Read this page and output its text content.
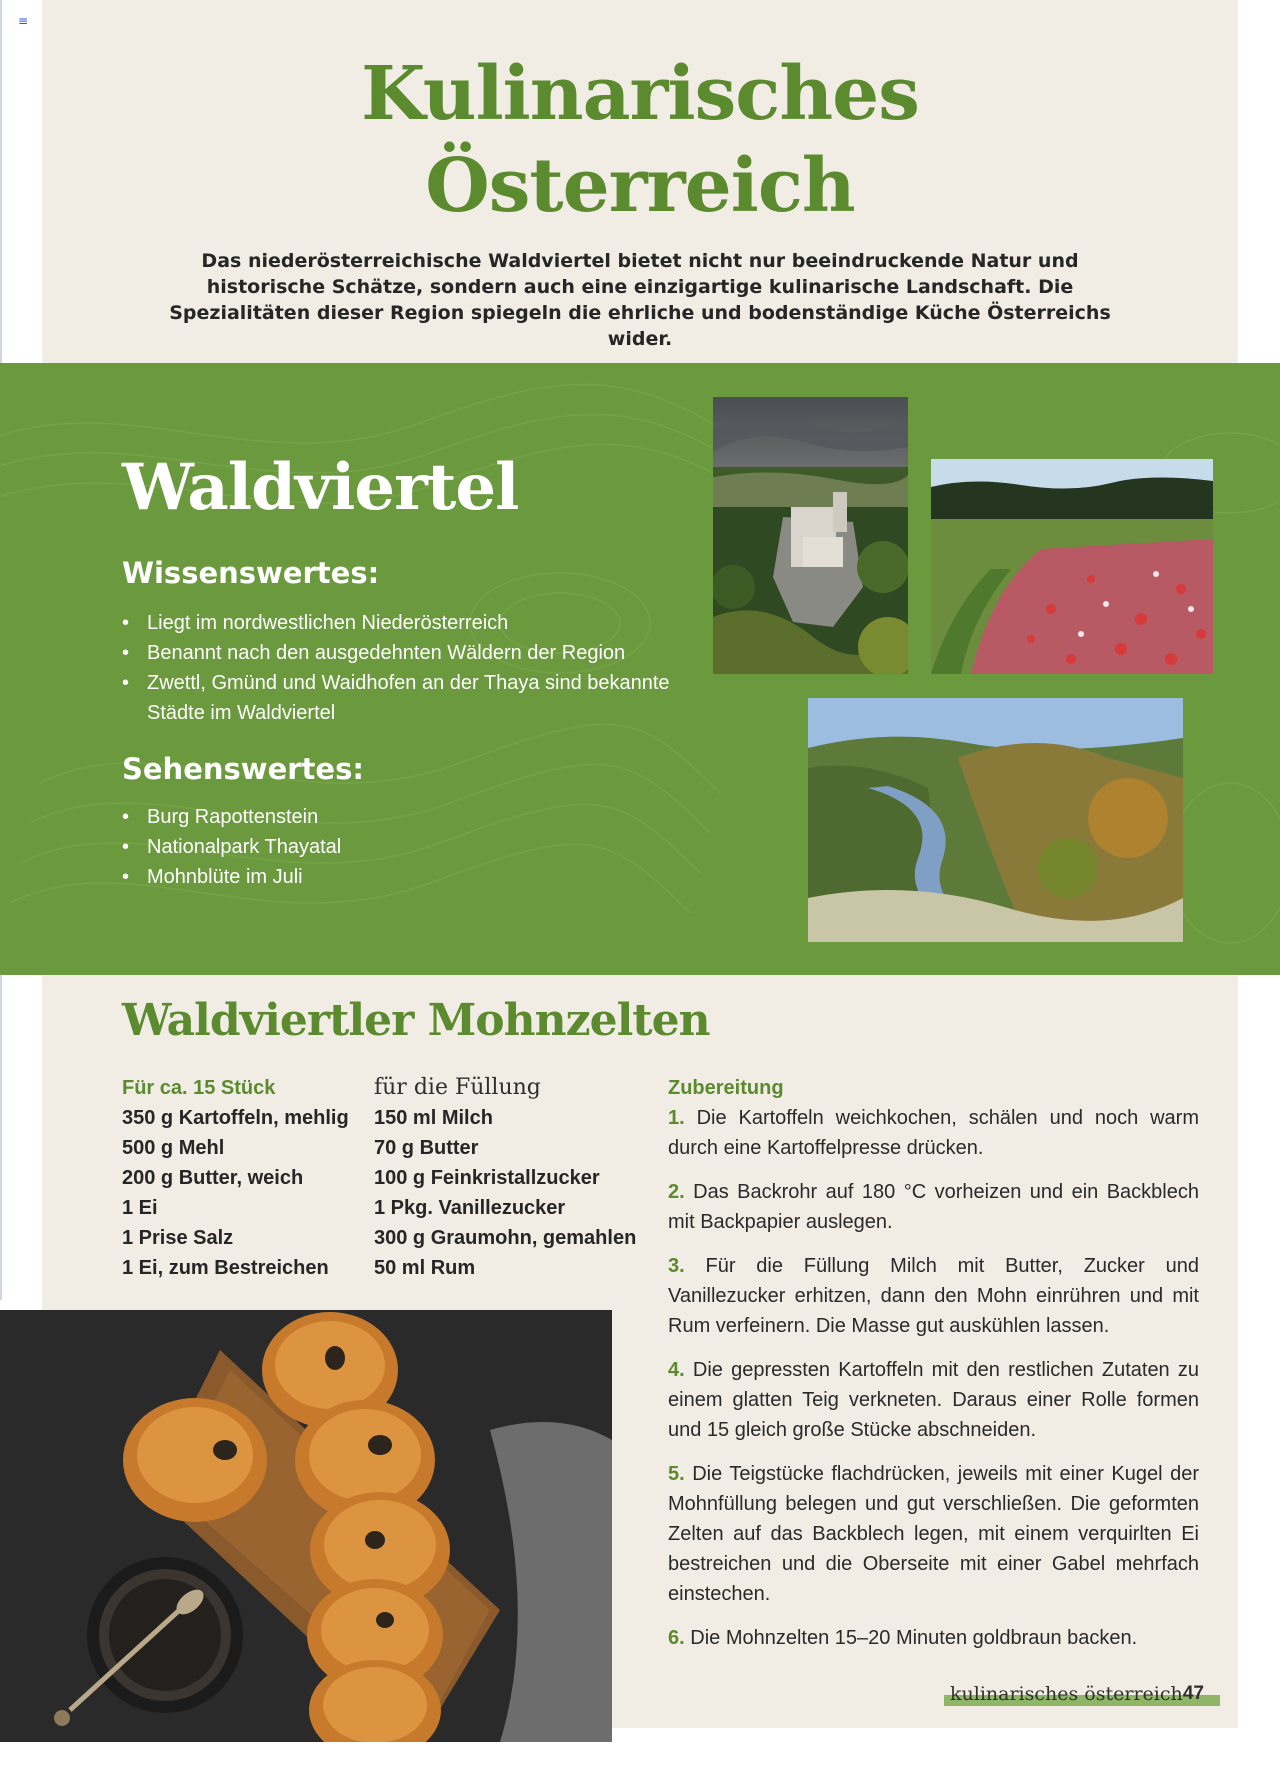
≡
Kulinarisches
Österreich

Das niederösterreichische Waldviertel bietet nicht nur beeindruckende Natur und historische Schätze, sondern auch eine einzigartige kulinarische Landschaft. Die Spezialitäten dieser Region spiegeln die ehrliche und bodenständige Küche Österreichs wider.

Waldviertel
Wissenswertes:
• Liegt im nordwestlichen Niederösterreich
• Benannt nach den ausgedehnten Wäldern der Region
• Zwettl, Gmünd und Waidhofen an der Thaya sind bekannte Städte im Waldviertel
Sehenswertes:
• Burg Rapottenstein
• Nationalpark Thayatal
• Mohnblüte im Juli
Waldviertler Mohnzelten
Für ca. 15 Stück
350 g Kartoffeln, mehlig
500 g Mehl
200 g Butter, weich
1 Ei
1 Prise Salz
1 Ei, zum Bestreichen
für die Füllung
150 ml Milch
70 g Butter
100 g Feinkristallzucker
1 Pkg. Vanillezucker
300 g Graumohn, gemahlen
50 ml Rum
Zubereitung
1. Die Kartoffeln weichkochen, schälen und noch warm durch eine Kartoffelpresse drücken.
2. Das Backrohr auf 180 °C vorheizen und ein Backblech mit Backpapier auslegen.
3. Für die Füllung Milch mit Butter, Zucker und Vanillezucker erhitzen, dann den Mohn einrühren und mit Rum verfeinern. Die Masse gut auskühlen lassen.
4. Die gepressten Kartoffeln mit den restlichen Zutaten zu einem glatten Teig verkneten. Daraus einer Rolle formen und 15 gleich große Stücke abschneiden.
5. Die Teigstücke flachdrücken, jeweils mit einer Kugel der Mohnfüllung belegen und gut verschließen. Die geformten Zelten auf das Backblech legen, mit einem verquirlten Ei bestreichen und die Oberseite mit einer Gabel mehrfach einstechen.
6. Die Mohnzelten 15–20 Minuten goldbraun backen.
kulinarisches österreich 47
